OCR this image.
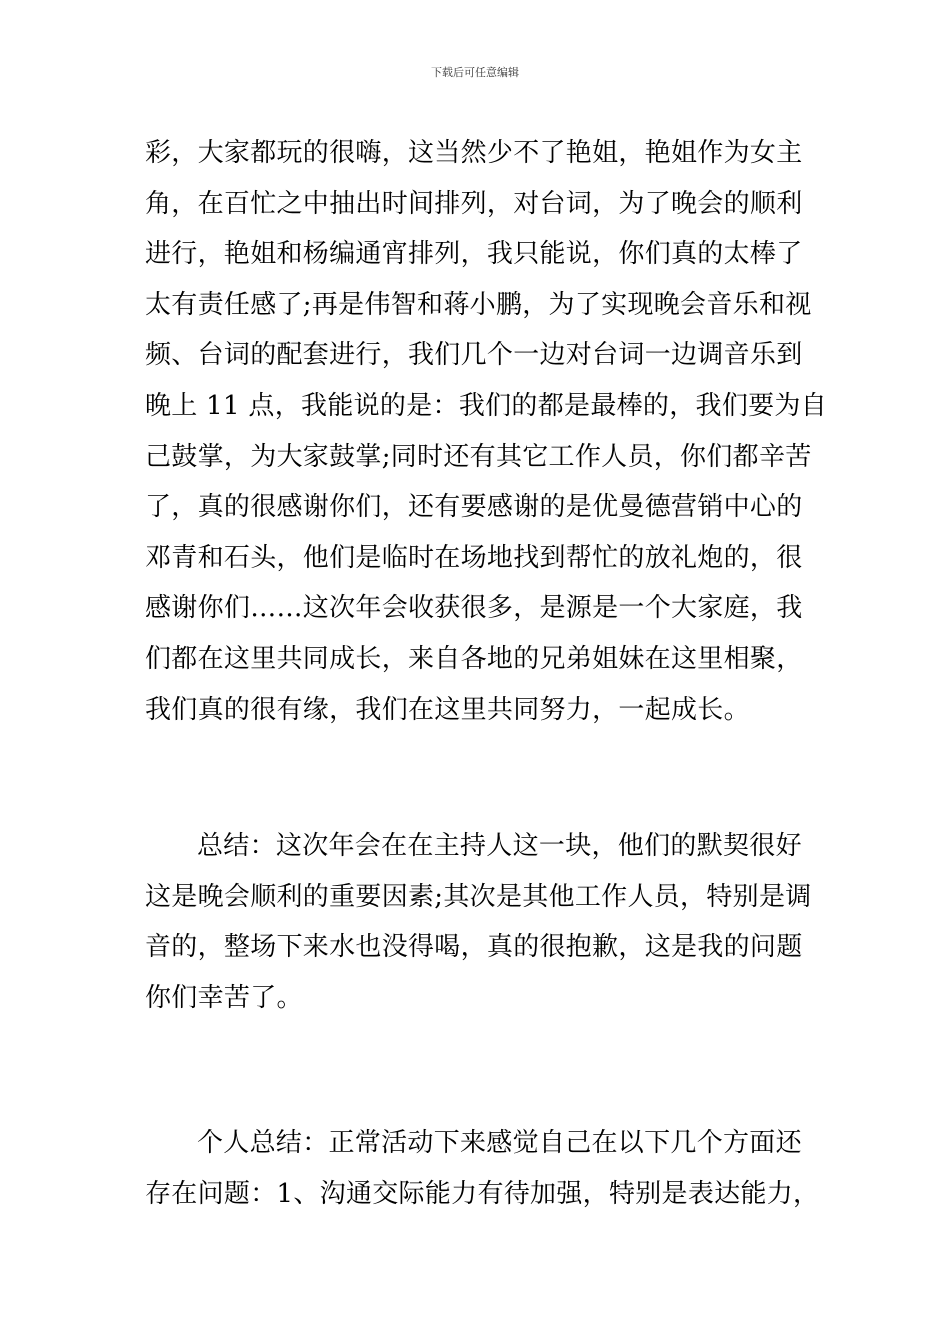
下载后可任意编辑
彩，大家都玩的很嗨，这当然少不了艳姐，艳姐作为女主
角，在百忙之中抽出时间排列，对台词，为了晚会的顺利
进行，艳姐和杨编通宵排列，我只能说，你们真的太棒了
太有责任感了;再是伟智和蒋小鹏，为了实现晚会音乐和视
频、台词的配套进行，我们几个一边对台词一边调音乐到
晚上 11 点，我能说的是：我们的都是最棒的，我们要为自
己鼓掌，为大家鼓掌;同时还有其它工作人员，你们都辛苦
了，真的很感谢你们，还有要感谢的是优曼德营销中心的
邓青和石头，他们是临时在场地找到帮忙的放礼炮的，很
感谢你们……这次年会收获很多，是源是一个大家庭，我
们都在这里共同成长，来自各地的兄弟姐妹在这里相聚，
我们真的很有缘，我们在这里共同努力，一起成长。
总结：这次年会在在主持人这一块，他们的默契很好
这是晚会顺利的重要因素;其次是其他工作人员，特别是调
音的，整场下来水也没得喝，真的很抱歉，这是我的问题
你们幸苦了。
个人总结：正常活动下来感觉自己在以下几个方面还
存在问题：1、沟通交际能力有待加强，特别是表达能力，
